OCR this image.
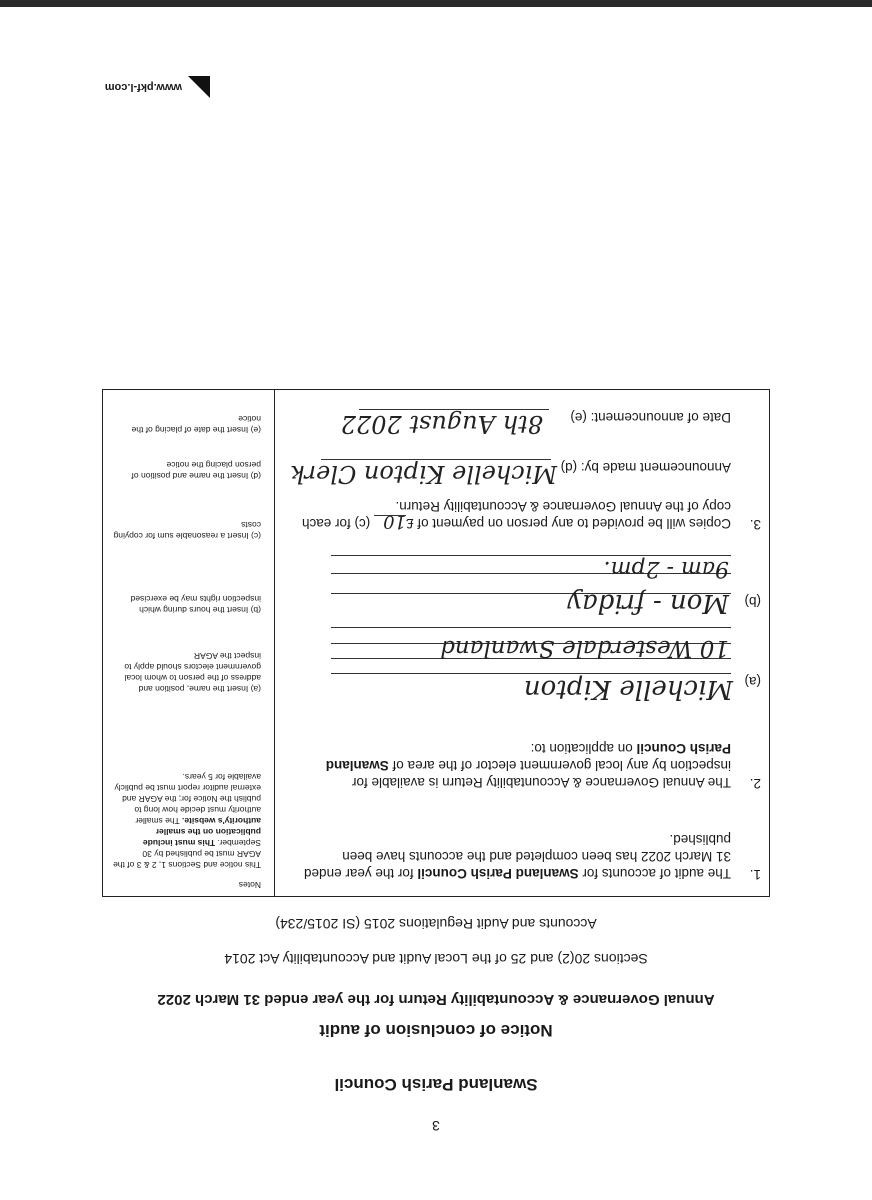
www.pkf-l.com
3
Swanland Parish Council
Notice of conclusion of audit
Annual Governance & Accountability Return for the year ended 31 March 2022
Sections 20(2) and 25 of the Local Audit and Accountability Act 2014
Accounts and Audit Regulations 2015 (SI 2015/234)
Notes
1.
The audit of accounts for Swanland Parish Council for the year ended
31 March 2022 has been completed and the accounts have been
published.
2.
The Annual Governance & Accountability Return is available for
inspection by any local government elector of the area of Swanland
Parish Council on application to:
(a)
Michelle Kipton
10 Westerdale Swanland
(b)
Mon - friday
9am - 2pm.
3.
Copies will be provided to any person on payment of £10 (c) for each
copy of the Annual Governance & Accountability Return.
Announcement made by: (d)
Michelle Kipton Clerk
Date of announcement: (e)
8th August 2022
This notice and Sections 1, 2 & 3 of the AGAR must be published by 30 September. This must include publication on the smaller authority's website. The smaller authority must decide how long to publish the Notice for; the AGAR and external auditor report must be publicly available for 5 years.
(a) Insert the name, position and address of the person to whom local government electors should apply to inspect the AGAR
(b) Insert the hours during which inspection rights may be exercised
(c) Insert a reasonable sum for copying costs
(d) Insert the name and position of person placing the notice
(e) Insert the date of placing of the notice
